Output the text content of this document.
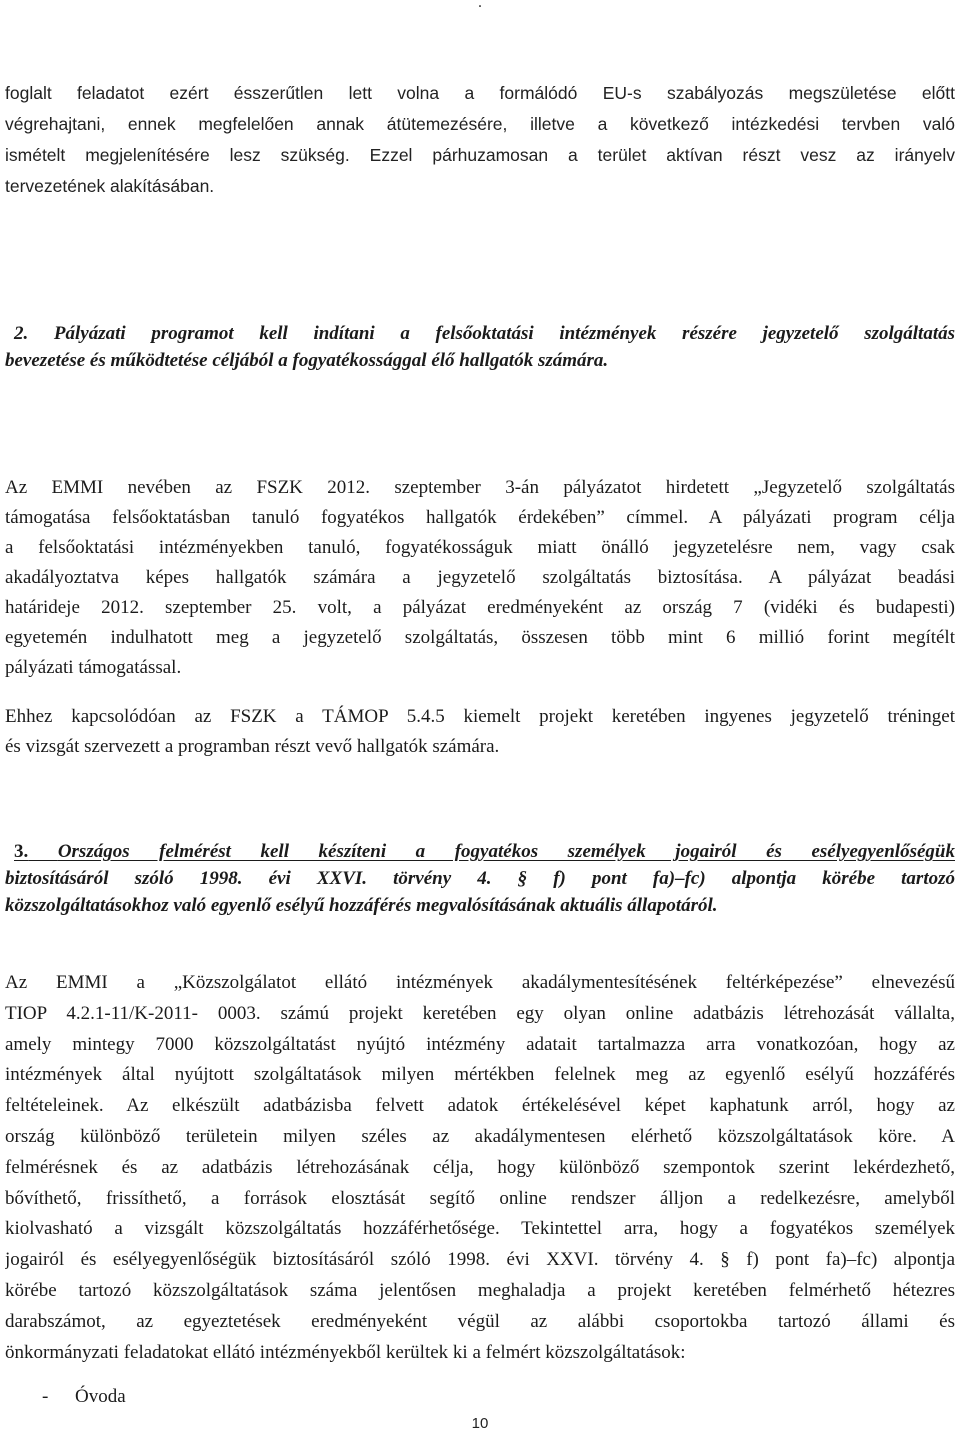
.
foglalt feladatot ezért ésszerűtlen lett volna a formálódó EU-s szabályozás megszületése előtt
végrehajtani, ennek megfelelően annak átütemezésére, illetve a következő intézkedési tervben való
ismételt megjelenítésére lesz szükség. Ezzel párhuzamosan a terület aktívan részt vesz az irányelv
tervezetének alakításában.
2. Pályázati programot kell indítani a felsőoktatási intézmények részére jegyzetelő szolgáltatás
bevezetése és működtetése céljából a fogyatékossággal élő hallgatók számára.
Az EMMI nevében az FSZK 2012. szeptember 3-án pályázatot hirdetett „Jegyzetelő szolgáltatás
támogatása felsőoktatásban tanuló fogyatékos hallgatók érdekében” címmel. A pályázati program célja
a felsőoktatási intézményekben tanuló, fogyatékosságuk miatt önálló jegyzetelésre nem, vagy csak
akadályoztatva képes hallgatók számára a jegyzetelő szolgáltatás biztosítása. A pályázat beadási
határideje 2012. szeptember 25. volt, a pályázat eredményeként az ország 7 (vidéki és budapesti)
egyetemén indulhatott meg a jegyzetelő szolgáltatás, összesen több mint 6 millió forint megítélt
pályázati támogatással.
Ehhez kapcsolódóan az FSZK a TÁMOP 5.4.5 kiemelt projekt keretében ingyenes jegyzetelő tréninget
és vizsgát szervezett a programban részt vevő hallgatók számára.
3. Országos felmérést kell készíteni a fogyatékos személyek jogairól és esélyegyenlőségük
biztosításáról szóló 1998. évi XXVI. törvény 4. § f) pont fa)–fc) alpontja körébe tartozó
közszolgáltatásokhoz való egyenlő esélyű hozzáférés megvalósításának aktuális állapotáról.
Az EMMI a „Közszolgálatot ellátó intézmények akadálymentesítésének feltérképezése” elnevezésű
TIOP 4.2.1-11/K-2011- 0003. számú projekt keretében egy olyan online adatbázis létrehozását vállalta,
amely mintegy 7000 közszolgáltatást nyújtó intézmény adatait tartalmazza arra vonatkozóan, hogy az
intézmények által nyújtott szolgáltatások milyen mértékben felelnek meg az egyenlő esélyű hozzáférés
feltételeinek. Az elkészült adatbázisba felvett adatok értékelésével képet kaphatunk arról, hogy az
ország különböző területein milyen széles az akadálymentesen elérhető közszolgáltatások köre. A
felmérésnek és az adatbázis létrehozásának célja, hogy különböző szempontok szerint lekérdezhető,
bővíthető, frissíthető, a források elosztását segítő online rendszer álljon a redelkezésre, amelyből
kiolvasható a vizsgált közszolgáltatás hozzáférhetősége. Tekintettel arra, hogy a fogyatékos személyek
jogairól és esélyegyenlőségük biztosításáról szóló 1998. évi XXVI. törvény 4. § f) pont fa)–fc) alpontja
körébe tartozó közszolgáltatások száma jelentősen meghaladja a projekt keretében felmérhető hétezres
darabszámot, az egyeztetések eredményeként végül az alábbi csoportokba tartozó állami és
önkormányzati feladatokat ellátó intézményekből kerültek ki a felmért közszolgáltatások:
- Óvoda
10
